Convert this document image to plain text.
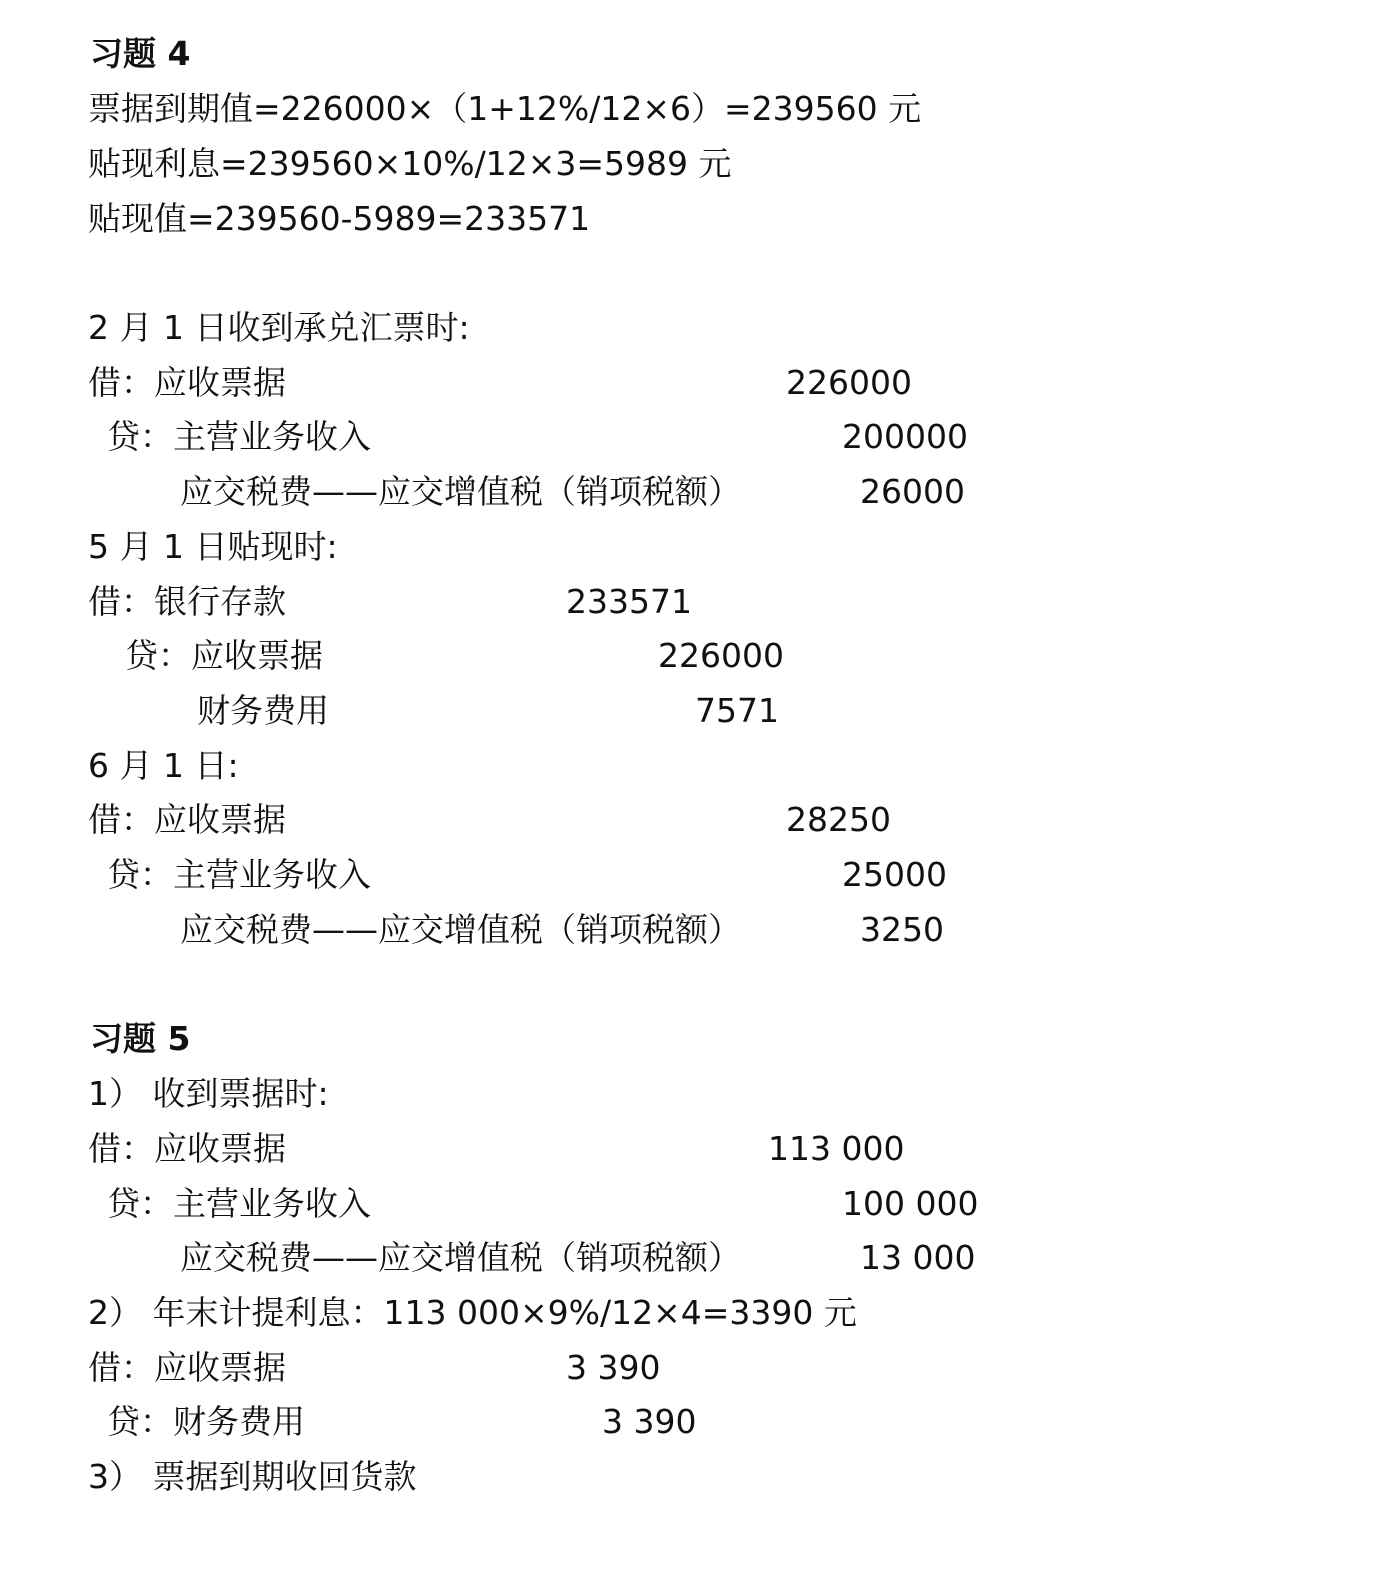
习题 4
票据到期值=226000×（1+12%/12×6）=239560 元
贴现利息=239560×10%/12×3=5989 元
贴现值=239560-5989=233571
2 月 1 日收到承兑汇票时:
借：应收票据	226000
贷：主营业务收入	200000
应交税费——应交增值税（销项税额）	26000
5 月 1 日贴现时:
借：银行存款	233571
贷：应收票据	226000
财务费用	7571
6 月 1 日:
借：应收票据	28250
贷：主营业务收入	25000
应交税费——应交增值税（销项税额）	3250
习题 5
1） 收到票据时:
借：应收票据	113 000
贷：主营业务收入	100 000
应交税费——应交增值税（销项税额）	13 000
2） 年末计提利息：113 000×9%/12×4=3390 元
借：应收票据	3 390
贷：财务费用	3 390
3） 票据到期收回货款
